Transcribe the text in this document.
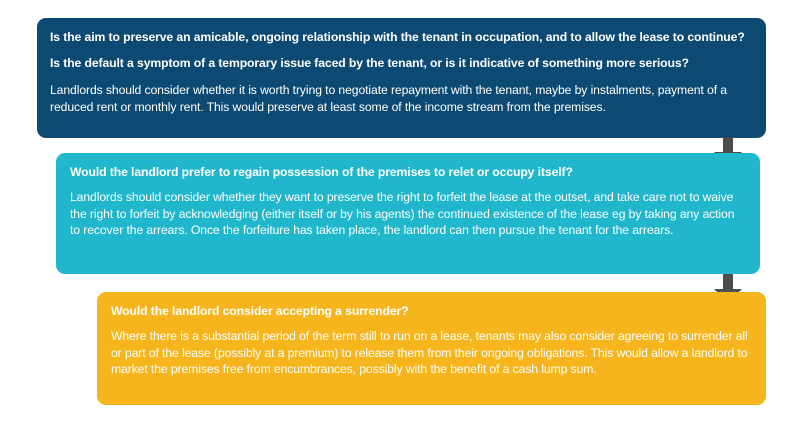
Is the aim to preserve an amicable, ongoing relationship with the tenant in occupation, and to allow the lease to continue?

Is the default a symptom of a temporary issue faced by the tenant, or is it indicative of something more serious?

Landlords should consider whether it is worth trying to negotiate repayment with the tenant, maybe by instalments, payment of a reduced rent or monthly rent. This would preserve at least some of the income stream from the premises.

Would the landlord prefer to regain possession of the premises to relet or occupy itself?

Landlords should consider whether they want to preserve the right to forfeit the lease at the outset, and take care not to waive the right to forfeit by acknowledging (either itself or by his agents) the continued existence of the lease eg by taking any action to recover the arrears. Once the forfeiture has taken place, the landlord can then pursue the tenant for the arrears.

Would the landlord consider accepting a surrender?

Where there is a substantial period of the term still to run on a lease, tenants may also consider agreeing to surrender all or part of the lease (possibly at a premium) to release them from their ongoing obligations. This would allow a landlord to market the premises free from encumbrances, possibly with the benefit of a cash lump sum.
